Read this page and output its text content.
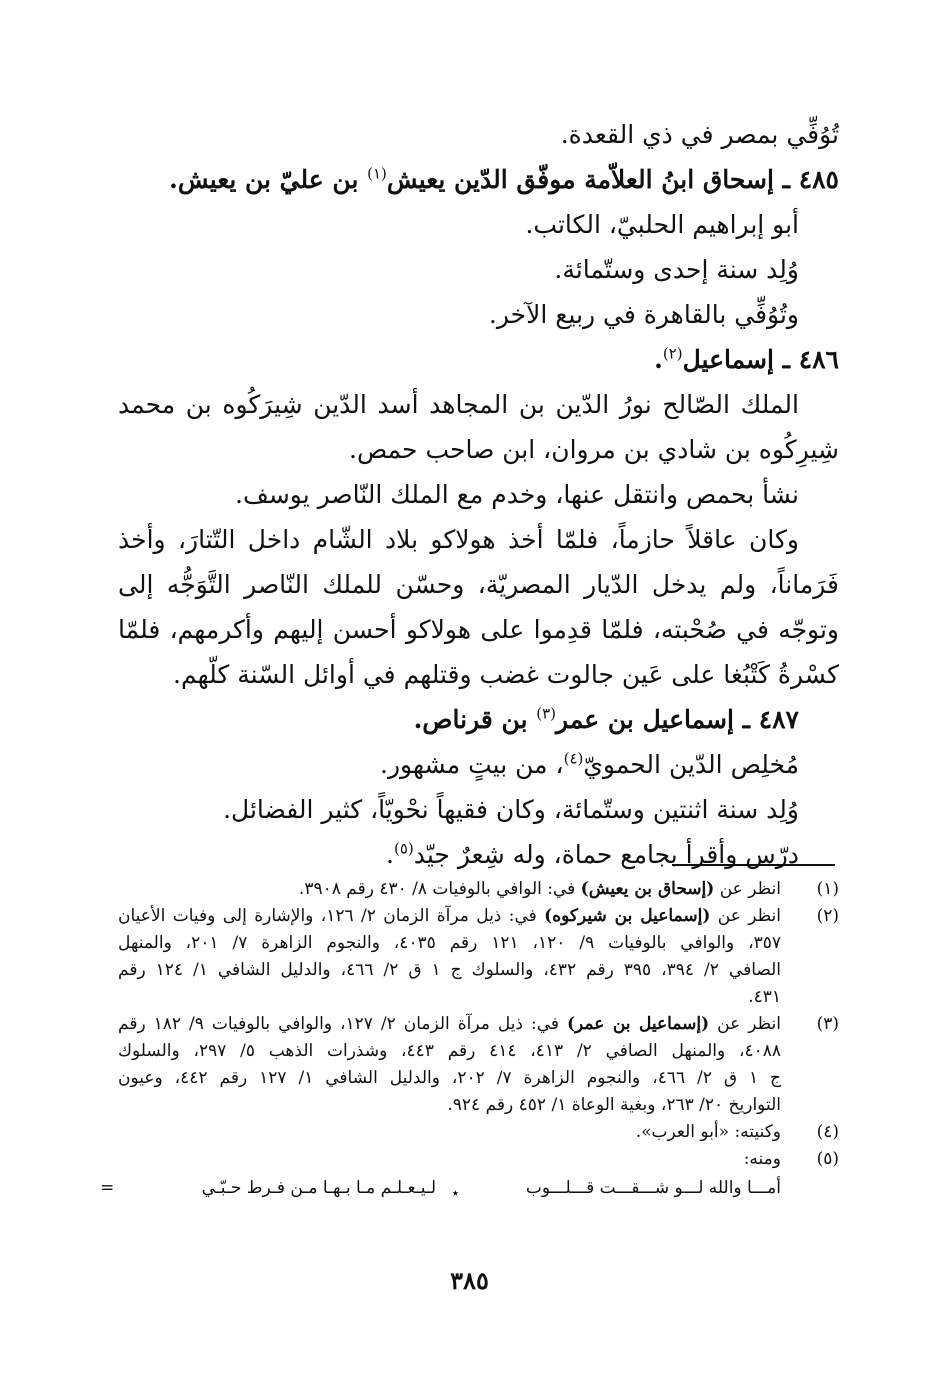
تُوُفِّي بمصر في ذي القعدة.
٤٨٥ ـ إسحاق ابنُ العلاّمة موفّق الدّين يعيش$^{(١)}$ بن عليّ بن يعيش.
أبو إبراهيم الحلبيّ، الكاتب.
وُلِد سنة إحدى وستّمائة.
وتُوُفِّي بالقاهرة في ربيع الآخر.
٤٨٦ ـ إسماعيل$^{(٢)}$.
الملك الصّالح نورُ الدّين بن المجاهد أسد الدّين شِيرَكُوه بن محمد
شِيرِكُوه بن شادي بن مروان، ابن صاحب حمص.
نشأ بحمص وانتقل عنها، وخدم مع الملك النّاصر يوسف.
وكان عاقلاً حازماً، فلمّا أخذ هولاكو بلاد الشّام داخل التّتارَ، وأخذ
فَرَماناً، ولم يدخل الدّيار المصريّة، وحسّن للملك النّاصر التَّوَجُّه إلى
وتوجّه في صُحْبته، فلمّا قدِموا على هولاكو أحسن إليهم وأكرمهم، فلمّا
كسْرةُ كَتْبُغا على عَين جالوت غضب وقتلهم في أوائل السّنة كلّهم.
٤٨٧ ـ إسماعيل بن عمر$^{(٣)}$ بن قرناص.
مُخلِص الدّين الحمويّ$^{(٤)}$، من بيتٍ مشهور.
وُلِد سنة اثنتين وستّمائة، وكان فقيهاً نحْويّاً، كثير الفضائل.
درّس وأقرأ بجامع حماة، وله شِعرٌ جيّد$^{(٥)}$.
(١)
انظر عن (إسحاق بن يعيش) في: الوافي بالوفيات ٨/ ٤٣٠ رقم ٣٩٠٨.
(٢)
انظر عن (إسماعيل بن شيركوه) في: ذيل مرآة الزمان ٢/ ١٢٦، والإشارة إلى وفيات الأعيان
٣٥٧، والوافي بالوفيات ٩/ ١٢٠، ١٢١ رقم ٤٠٣٥، والنجوم الزاهرة ٧/ ٢٠١، والمنهل
الصافي ٢/ ٣٩٤، ٣٩٥ رقم ٤٣٢، والسلوك ج ١ ق ٢/ ٤٦٦، والدليل الشافي ١/ ١٢٤ رقم
٤٣١.
(٣)
انظر عن (إسماعيل بن عمر) في: ذيل مرآة الزمان ٢/ ١٢٧، والوافي بالوفيات ٩/ ١٨٢ رقم
٤٠٨٨، والمنهل الصافي ٢/ ٤١٣، ٤١٤ رقم ٤٤٣، وشذرات الذهب ٥/ ٢٩٧، والسلوك
ج ١ ق ٢/ ٤٦٦، والنجوم الزاهرة ٧/ ٢٠٢، والدليل الشافي ١/ ١٢٧ رقم ٤٤٢، وعيون
التواريخ ٢٠/ ٢٦٣، وبغية الوعاة ١/ ٤٥٢ رقم ٩٢٤.
(٤)
وكنيته: «أبو العرب».
(٥)
ومنه:
أمـــا والله لـــو شـــقـــت قـــلـــوب
٭
لـيـعـلـم مـا بـهـا مـن فـرط حـبّـي
=
٣٨٥
